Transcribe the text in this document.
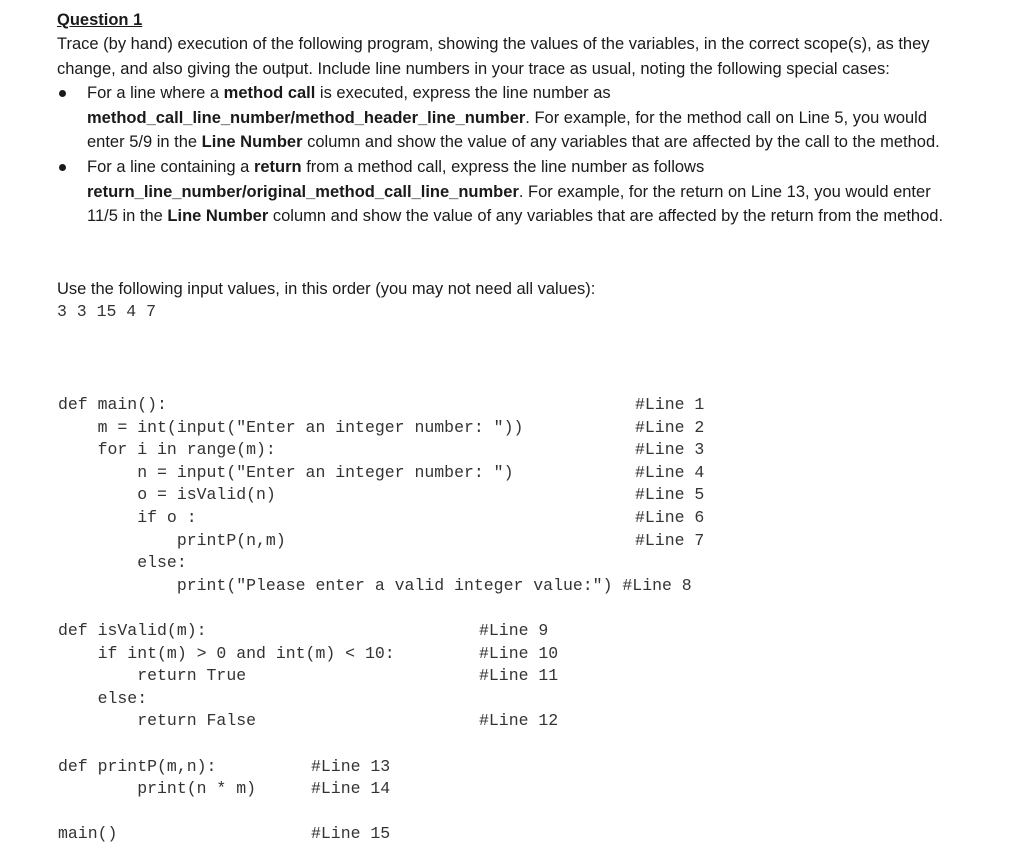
Question 1

Trace (by hand) execution of the following program, showing the values of the variables, in the correct scope(s), as they change, and also giving the output. Include line numbers in your trace as usual, noting the following special cases:

For a line where a method call is executed, express the line number as method_call_line_number/method_header_line_number. For example, for the method call on Line 5, you would enter 5/9 in the Line Number column and show the value of any variables that are affected by the call to the method.
For a line containing a return from a method call, express the line number as follows return_line_number/original_method_call_line_number. For example, for the return on Line 13, you would enter 11/5 in the Line Number column and show the value of any variables that are affected by the return from the method.

Use the following input values, in this order (you may not need all values):

3 3 15 4 7

def main():	#Line 1
m = int(input("Enter an integer number: "))	#Line 2
for i in range(m):	#Line 3
n = input("Enter an integer number: ")	#Line 4
o = isValid(n)	#Line 5
if o :	#Line 6
printP(n,m)	#Line 7
else:
print("Please enter a valid integer value:") #Line 8
def isValid(m):	#Line 9
if int(m) > 0 and int(m) < 10:	#Line 10
return True	#Line 11
else:
return False	#Line 12
def printP(m,n):	#Line 13
print(n * m)	#Line 14
main()	#Line 15
